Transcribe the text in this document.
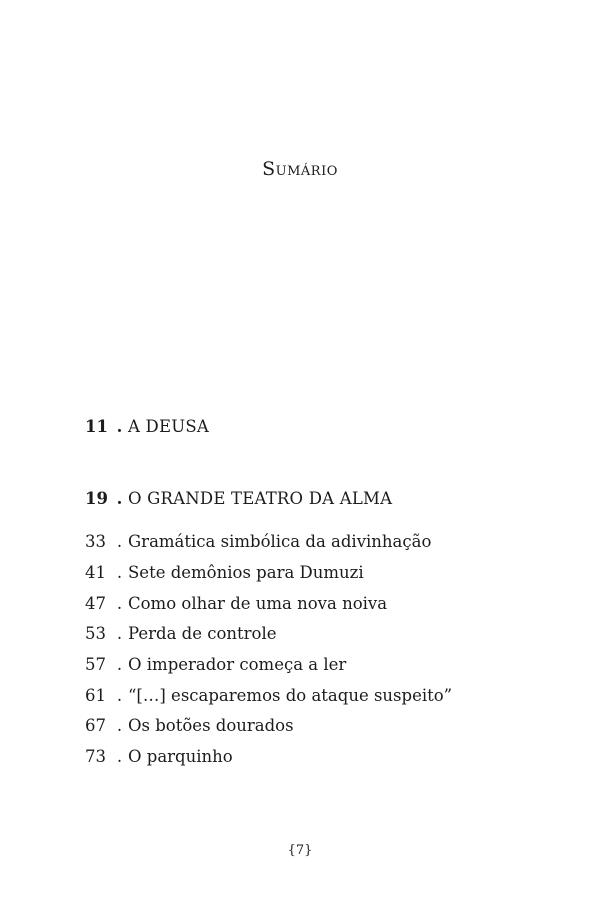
Sumário
11 . A DEUSA
19 . O GRANDE TEATRO DA ALMA
33 . Gramática simbólica da adivinhação
41 . Sete demônios para Dumuzi
47 . Como olhar de uma nova noiva
53 . Perda de controle
57 . O imperador começa a ler
61 . “[…] escaparemos do ataque suspeito”
67 . Os botões dourados
73 . O parquinho
{7}
